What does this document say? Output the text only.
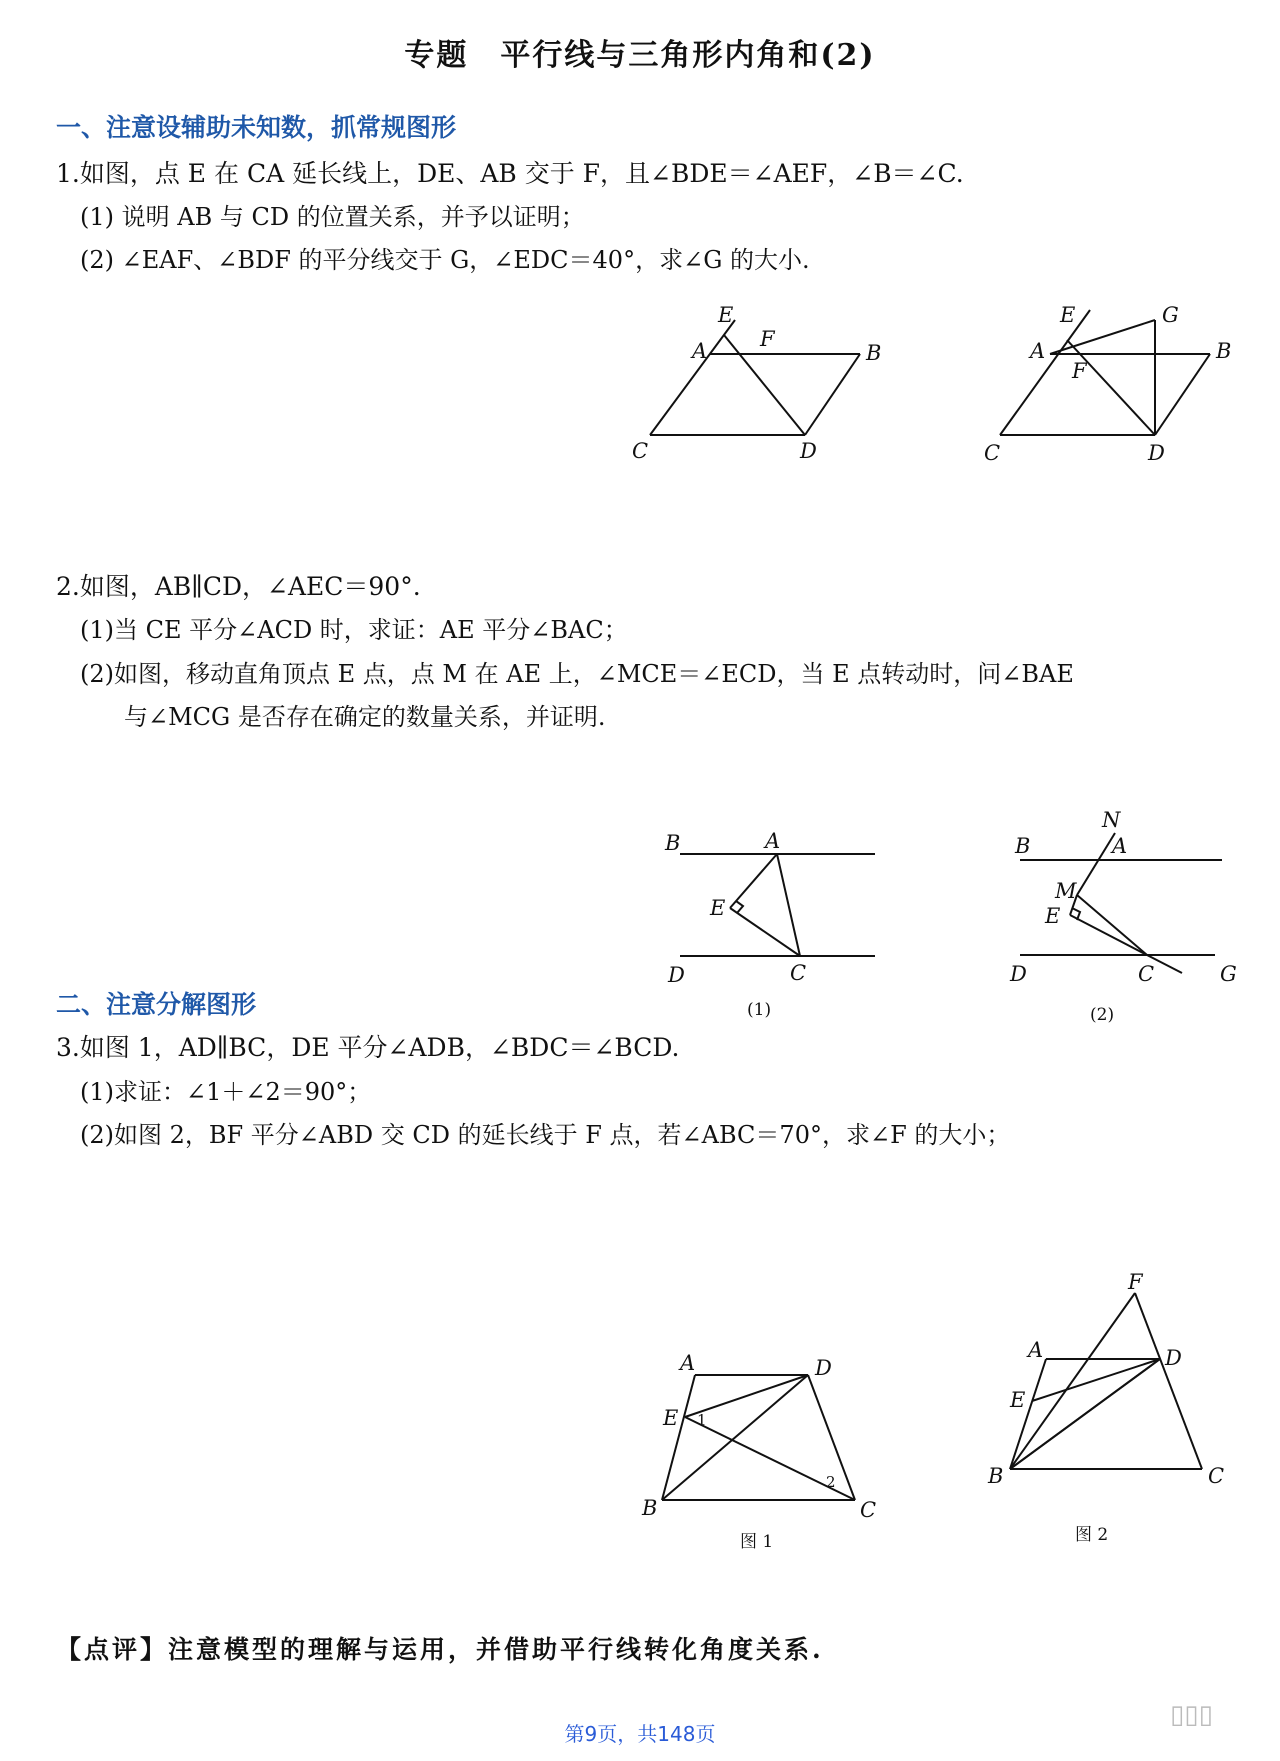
专题　平行线与三角形内角和(2)
一、注意设辅助未知数，抓常规图形
1.如图，点 E 在 CA 延长线上，DE、AB 交于 F，且∠BDE＝∠AEF，∠B＝∠C.
(1) 说明 AB 与 CD 的位置关系，并予以证明；
(2) ∠EAF、∠BDF 的平分线交于 G，∠EDC＝40°，求∠G 的大小.
E
F
A	B
C	D
E	G
A
F
B
C	D
2.如图，AB∥CD，∠AEC＝90°.
(1)当 CE 平分∠ACD 时，求证：AE 平分∠BAC；
(2)如图，移动直角顶点 E 点，点 M 在 AE 上，∠MCE＝∠ECD，当 E 点转动时，问∠BAE
与∠MCG 是否存在确定的数量关系，并证明.
B	A
E
D	C
(1)
N
B	A
M
E
D	C	G
(2)
二、注意分解图形
3.如图 1，AD∥BC，DE 平分∠ADB，∠BDC＝∠BCD.
(1)求证：∠1＋∠2＝90°；
(2)如图 2，BF 平分∠ABD 交 CD 的延长线于 F 点，若∠ABC＝70°，求∠F 的大小；
A	D
E 1
2
B	C
图 1
F
A	D
E
B	C
图 2
【点评】注意模型的理解与运用，并借助平行线转化角度关系.
▯▯▯
第9页，共148页
